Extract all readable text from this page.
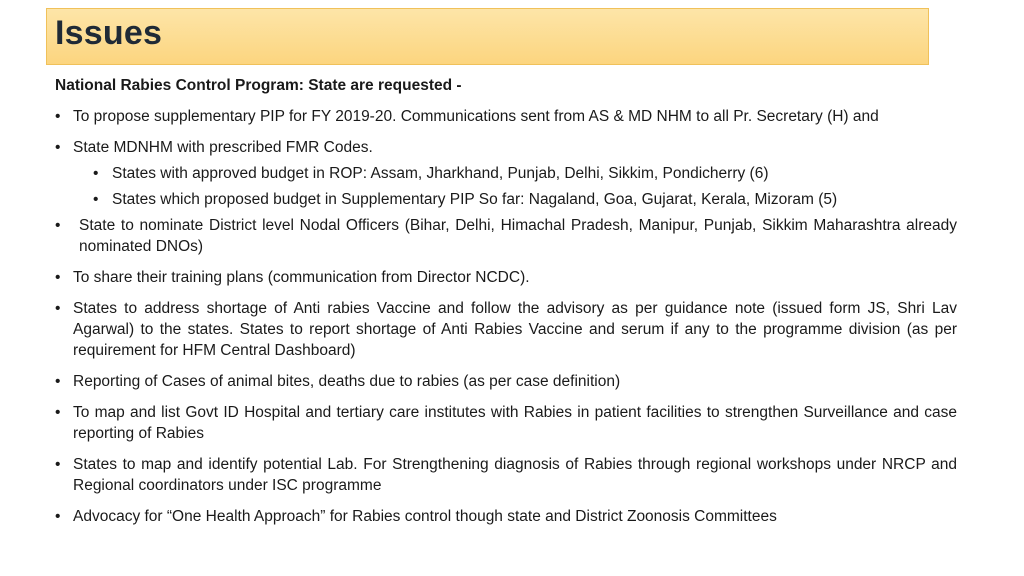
Issues
National Rabies Control Program: State are requested -
• To propose supplementary PIP for FY 2019-20. Communications sent from AS & MD NHM to all Pr. Secretary (H) and
• State MDNHM with prescribed FMR Codes.
• States with approved budget in ROP: Assam, Jharkhand, Punjab, Delhi, Sikkim, Pondicherry (6)
• States which proposed budget in Supplementary PIP So far: Nagaland, Goa, Gujarat, Kerala, Mizoram (5)
• State to nominate District level Nodal Officers (Bihar, Delhi, Himachal Pradesh, Manipur, Punjab, Sikkim Maharashtra already nominated DNOs)
• To share their training plans (communication from Director NCDC).
• States to address shortage of Anti rabies Vaccine and follow the advisory as per guidance note (issued form JS, Shri Lav Agarwal) to the states. States to report shortage of Anti Rabies Vaccine and serum if any to the programme division (as per requirement for HFM Central Dashboard)
• Reporting of Cases of animal bites, deaths due to rabies (as per case definition)
• To map and list Govt ID Hospital and tertiary care institutes with Rabies in patient facilities to strengthen Surveillance and case reporting of Rabies
• States to map and identify potential Lab. For Strengthening diagnosis of Rabies through regional workshops under NRCP and Regional coordinators under ISC programme
• Advocacy for “One Health Approach” for Rabies control though state and District Zoonosis Committees
